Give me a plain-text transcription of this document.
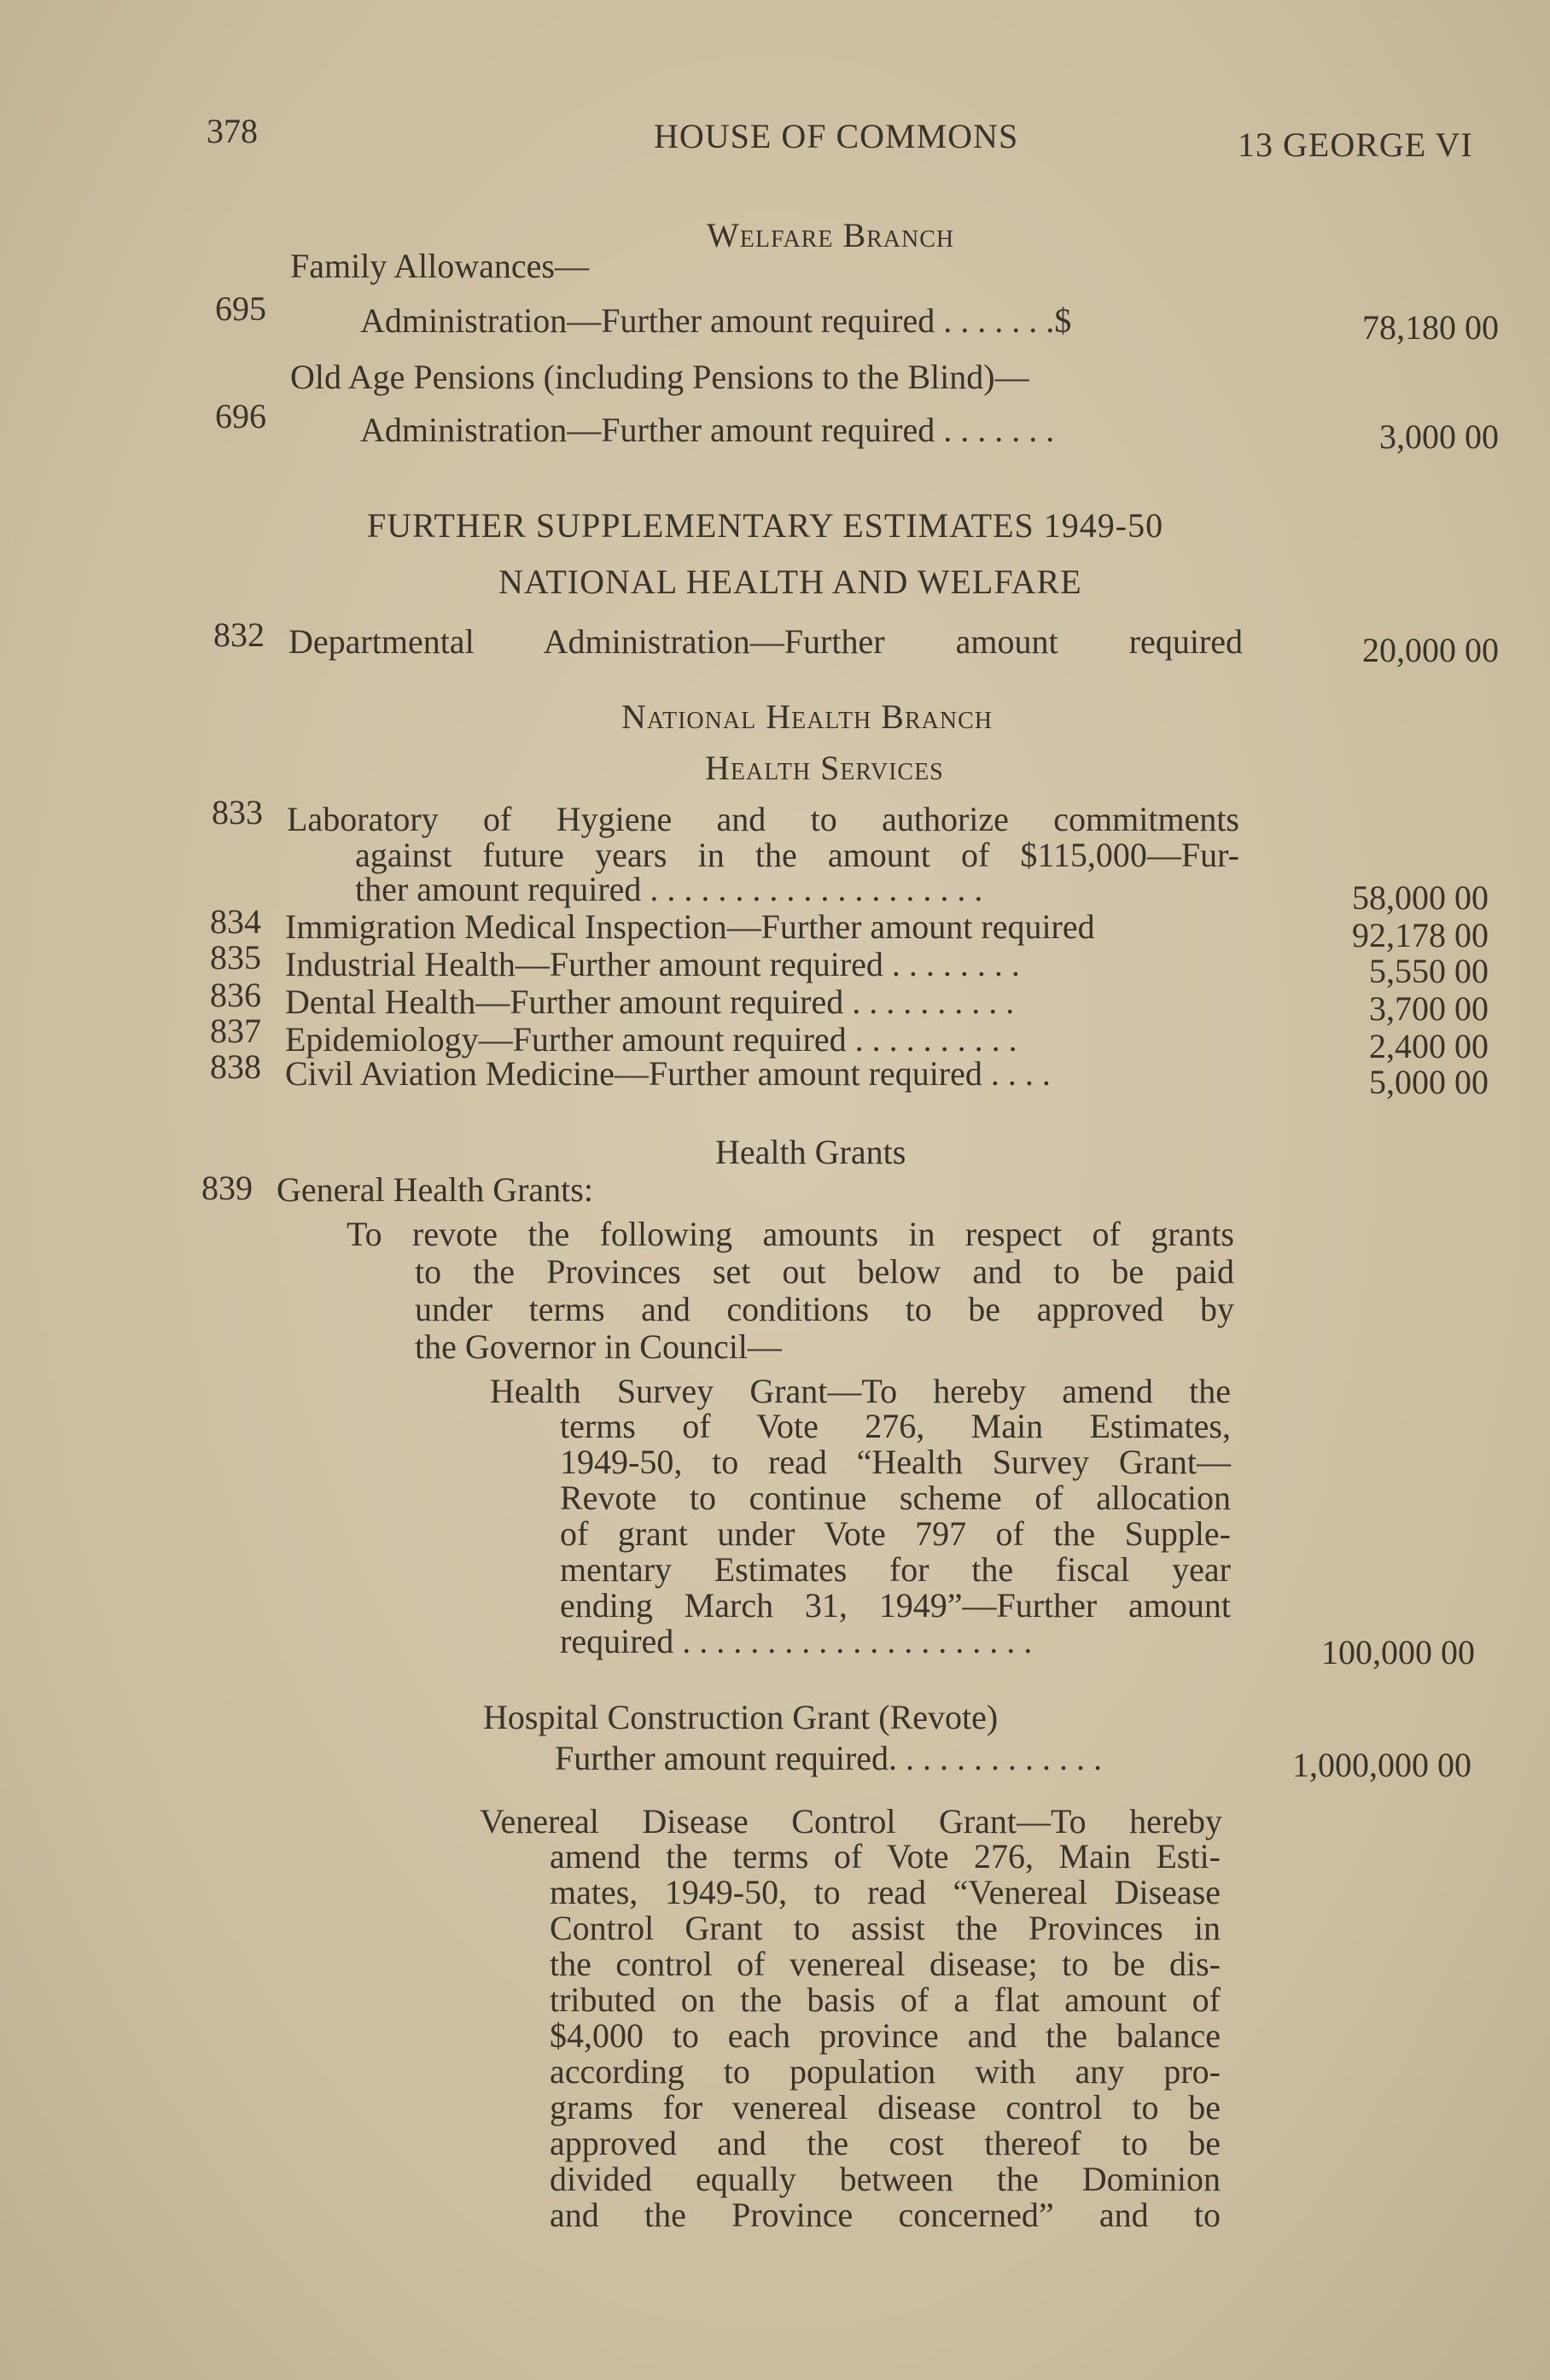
378	HOUSE OF COMMONS	13 GEORGE VI

Welfare Branch

Family Allowances—

695	Administration—Further amount required . . . . . . .$	78,180 00

Old Age Pensions (including Pensions to the Blind)—

696	Administration—Further amount required . . . . . . .	3,000 00

FURTHER SUPPLEMENTARY ESTIMATES 1949-50

NATIONAL HEALTH AND WELFARE

832 Departmental Administration—Further amount required	20,000 00

National Health Branch

Health Services

833 Laboratory of Hygiene and to authorize commitments

against future years in the amount of $115,000—Fur-

ther amount required . . . . . . . . . . . . . . . . . . . .	58,000 00

834 Immigration Medical Inspection—Further amount required	92,178 00

835 Industrial Health—Further amount required . . . . . . . .	5,550 00

836 Dental Health—Further amount required . . . . . . . . . .	3,700 00

837 Epidemiology—Further amount required . . . . . . . . . .	2,400 00

838 Civil Aviation Medicine—Further amount required . . . .	5,000 00

Health Grants

839 General Health Grants:

To revote the following amounts in respect of grants

to the Provinces set out below and to be paid

under terms and conditions to be approved by

the Governor in Council—

Health Survey Grant—To hereby amend the

terms of Vote 276, Main Estimates,

1949-50, to read “Health Survey Grant—

Revote to continue scheme of allocation

of grant under Vote 797 of the Supple-

mentary Estimates for the fiscal year

ending March 31, 1949”—Further amount

required . . . . . . . . . . . . . . . . . . . . .	100,000 00

Hospital Construction Grant (Revote)

Further amount required. . . . . . . . . . . . .	1,000,000 00

Venereal Disease Control Grant—To hereby

amend the terms of Vote 276, Main Esti-

mates, 1949-50, to read “Venereal Disease

Control Grant to assist the Provinces in

the control of venereal disease; to be dis-

tributed on the basis of a flat amount of

$4,000 to each province and the balance

according to population with any pro-

grams for venereal disease control to be

approved and the cost thereof to be

divided equally between the Dominion

and the Province concerned” and to
